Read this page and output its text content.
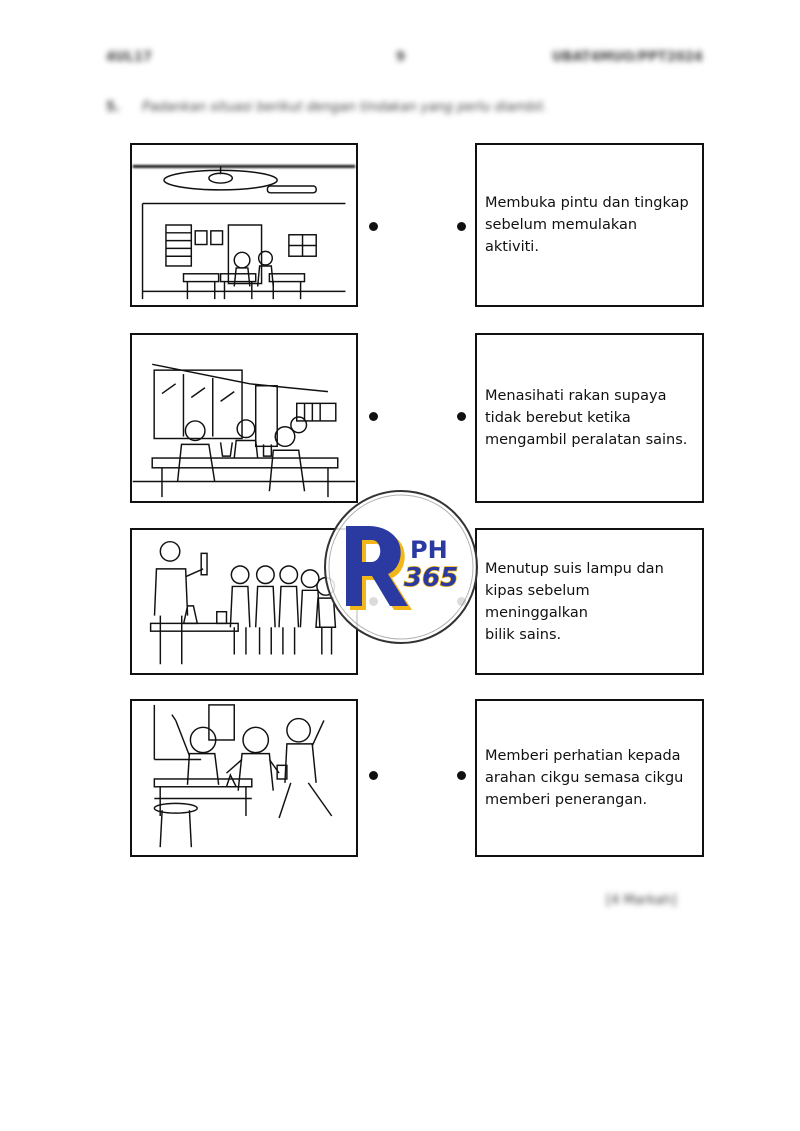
4UL17	9	UBAT4MUO/PPT2024
5. Padankan situasi berikut dengan tindakan yang perlu diambil.
Membuka pintu dan tingkap
sebelum memulakan aktiviti.
Menasihati rakan supaya
tidak berebut ketika
mengambil peralatan sains.
Menutup suis lampu dan
kipas sebelum meninggalkan
bilik sains.
Memberi perhatian kepada
arahan cikgu semasa cikgu
memberi penerangan.
[4 Markah]
PH
365
